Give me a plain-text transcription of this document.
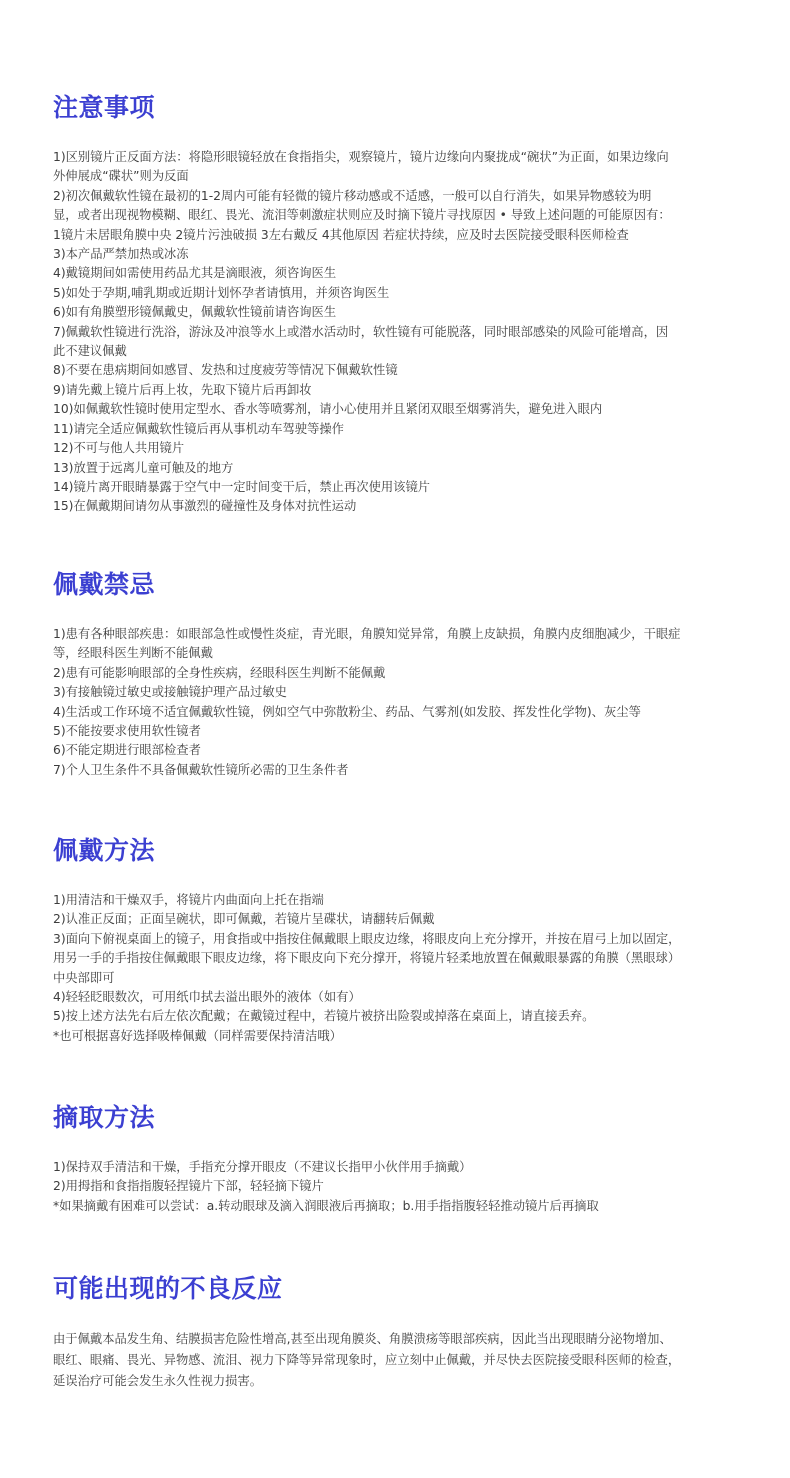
注意事项
1)区别镜片正反面方法：将隐形眼镜轻放在食指指尖，观察镜片，镜片边缘向内聚拢成“碗状”为正面，如果边缘向
外伸展成“碟状”则为反面
2)初次佩戴软性镜在最初的1-2周内可能有轻微的镜片移动感或不适感，一般可以自行消失，如果异物感较为明
显，或者出现视物模糊、眼红、畏光、流泪等刺激症状则应及时摘下镜片寻找原因 • 导致上述问题的可能原因有：
1镜片未居眼角膜中央 2镜片污浊破损 3左右戴反 4其他原因 若症状持续，应及时去医院接受眼科医师检查
3)本产品严禁加热或冰冻
4)戴镜期间如需使用药品尤其是滴眼液，须咨询医生
5)如处于孕期,哺乳期或近期计划怀孕者请慎用，并须咨询医生
6)如有角膜塑形镜佩戴史，佩戴软性镜前请咨询医生
7)佩戴软性镜进行洗浴，游泳及冲浪等水上或潜水活动时，软性镜有可能脱落，同时眼部感染的风险可能增高，因
此不建议佩戴
8)不要在患病期间如感冒、发热和过度疲劳等情况下佩戴软性镜
9)请先戴上镜片后再上妆，先取下镜片后再卸妆
10)如佩戴软性镜时使用定型水、香水等喷雾剂，请小心使用并且紧闭双眼至烟雾消失，避免进入眼内
11)请完全适应佩戴软性镜后再从事机动车驾驶等操作
12)不可与他人共用镜片
13)放置于远离儿童可触及的地方
14)镜片离开眼睛暴露于空气中一定时间变干后，禁止再次使用该镜片
15)在佩戴期间请勿从事激烈的碰撞性及身体对抗性运动
佩戴禁忌
1)患有各种眼部疾患：如眼部急性或慢性炎症，青光眼，角膜知觉异常，角膜上皮缺损，角膜内皮细胞减少，干眼症
等，经眼科医生判断不能佩戴
2)患有可能影响眼部的全身性疾病，经眼科医生判断不能佩戴
3)有接触镜过敏史或接触镜护理产品过敏史
4)生活或工作环境不适宜佩戴软性镜，例如空气中弥散粉尘、药品、气雾剂(如发胶、挥发性化学物)、灰尘等
5)不能按要求使用软性镜者
6)不能定期进行眼部检查者
7)个人卫生条件不具备佩戴软性镜所必需的卫生条件者
佩戴方法
1)用清洁和干燥双手，将镜片内曲面向上托在指端
2)认准正反面；正面呈碗状，即可佩戴，若镜片呈碟状，请翻转后佩戴
3)面向下俯视桌面上的镜子，用食指或中指按住佩戴眼上眼皮边缘，将眼皮向上充分撑开，并按在眉弓上加以固定，
用另一手的手指按住佩戴眼下眼皮边缘，将下眼皮向下充分撑开，将镜片轻柔地放置在佩戴眼暴露的角膜（黑眼球）
中央部即可
4)轻轻眨眼数次，可用纸巾拭去溢出眼外的液体（如有）
5)按上述方法先右后左依次配戴；在戴镜过程中，若镜片被挤出险裂或掉落在桌面上，请直接丢弃。
*也可根据喜好选择吸棒佩戴（同样需要保持清洁哦）
摘取方法
1)保持双手清洁和干燥，手指充分撑开眼皮（不建议长指甲小伙伴用手摘戴）
2)用拇指和食指指腹轻捏镜片下部，轻轻摘下镜片
*如果摘戴有困难可以尝试：a.转动眼球及滴入润眼液后再摘取；b.用手指指腹轻轻推动镜片后再摘取
可能出现的不良反应
由于佩戴本品发生角、结膜损害危险性增高,甚至出现角膜炎、角膜溃疡等眼部疾病，因此当出现眼睛分泌物增加、
眼红、眼痛、畏光、异物感、流泪、视力下降等异常现象时，应立刻中止佩戴，并尽快去医院接受眼科医师的检查，
延误治疗可能会发生永久性视力损害。
